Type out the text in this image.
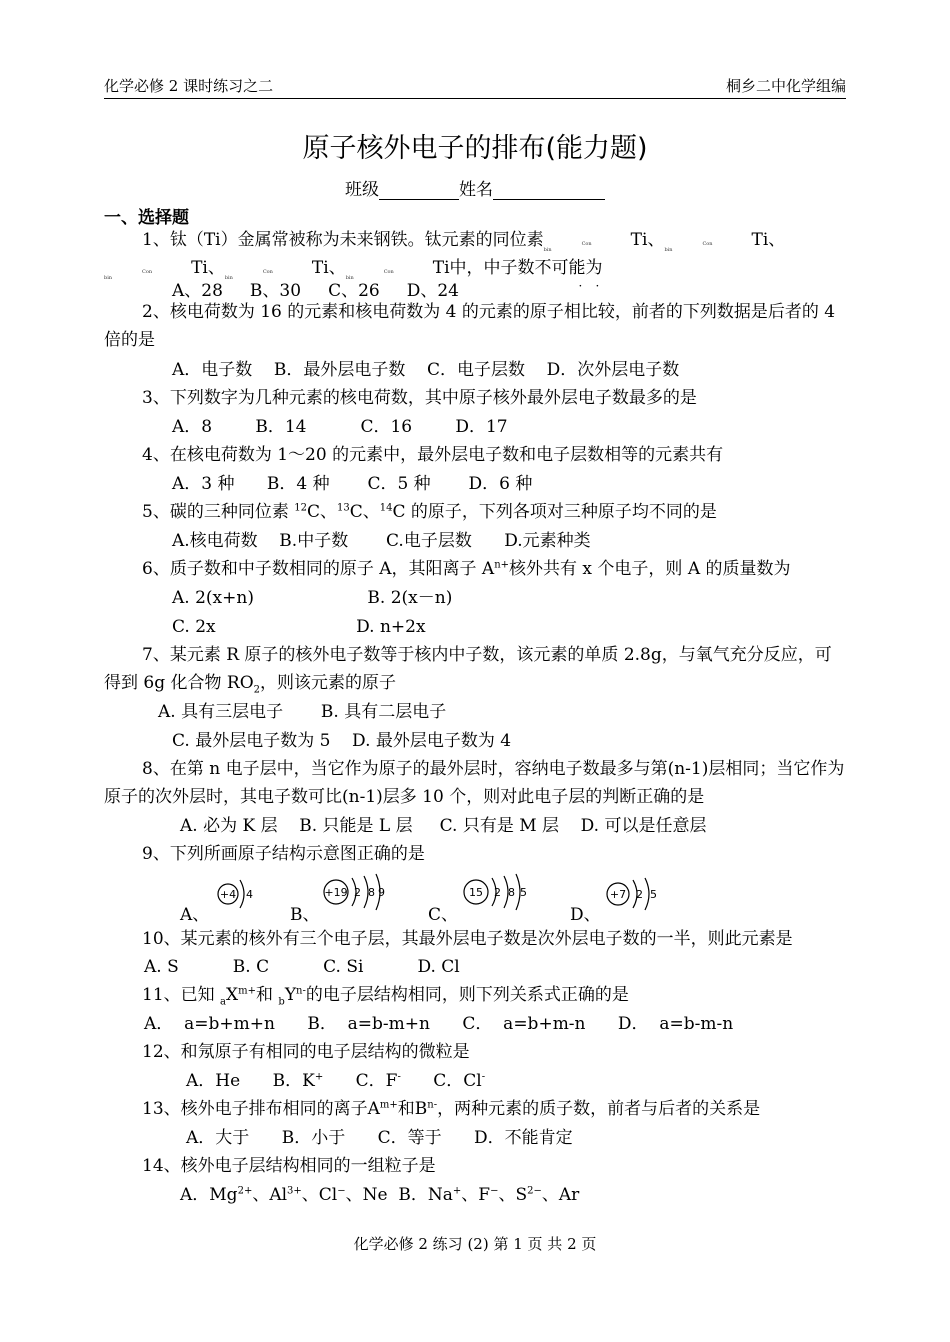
化学必修 2 课时练习之二	桐乡二中化学组编
原子核外电子的排布(能力题)
班级	姓名
一、选择题
1、钛（Ti）金属常被称为未来钢铁。钛元素的同位素	Con
bin	Ti 、	Con
bin	Ti 、
Con
bin	Ti 、	Con
bin	Ti 、	Con
bin	Ti 中，中子数不
·
可
·
能为
A、28     B、30     C、26     D、24
2、核电荷数为 16 的元素和核电荷数为 4 的元素的原子相比较，前者的下列数据是后者的 4 倍的是
A．电子数    B．最外层电子数    C．电子层数    D．次外层电子数
3、下列数字为几种元素的核电荷数，其中原子核外最外层电子数最多的是
A．8        B．14          C．16        D．17
4、在核电荷数为 1～20 的元素中，最外层电子数和电子层数相等的元素共有
A．3 种      B．4 种       C．5 种       D．6 种
5、碳的三种同位素 $^{12}$C、$^{13}$C、$^{14}$C 的原子，下列各项对三种原子均不同的是
A.核电荷数    B.中子数       C.电子层数      D.元素种类
6、质子数和中子数相同的原子 A，其阳离子 $A^{n+}$核外共有 x 个电子，则 A 的质量数为
A. 2(x+n)                     B. 2(x－n)
C. 2x                          D. n+2x
7、某元素 R 原子的核外电子数等于核内中子数，该元素的单质 2.8g，与氧气充分反应，可得到 6g 化合物 $RO_2$，则该元素的原子
A. 具有三层电子       B. 具有二层电子
C. 最外层电子数为 5    D. 最外层电子数为 4
8、在第 n 电子层中，当它作为原子的最外层时，容纳电子数最多与第(n-1)层相同；当它作为原子的次外层时，其电子数可比(n-1)层多 10 个，则对此电子层的判断正确的是
A. 必为 K 层    B. 只能是 L 层     C. 只有是 M 层    D. 可以是任意层
9、下列所画原子结构示意图正确的是
A、
+4 4
B、
+19 2 8 9
C、
15 2 8 5
D、
+7 2 5
10、某元素的核外有三个电子层，其最外层电子数是次外层电子数的一半，则此元素是
A. S          B. C          C. Si          D. Cl
11、已知 $_aX^{m+}$和 $_bY^{n-}$的电子层结构相同，则下列关系式正确的是
A．  a=b+m+n      B．  a=b-m+n      C．  a=b+m-n      D．  a=b-m-n
12、和氖原子有相同的电子层结构的微粒是
A．He B．K+ C．F- C．Cl-
13、核外电子排布相同的离子$A^{m+}$和$B^{n-}$，两种元素的质子数，前者与后者的关系是
A．大于      B．小于      C．等于      D．不能肯定
14、核外电子层结构相同的一组粒子是
A．$Mg^{2+}$、$Al^{3+}$、Cl−、Ne B．Na+、F−、$S^{2-}$、Ar
化学必修 2 练习 (2) 第 1 页 共 2 页
